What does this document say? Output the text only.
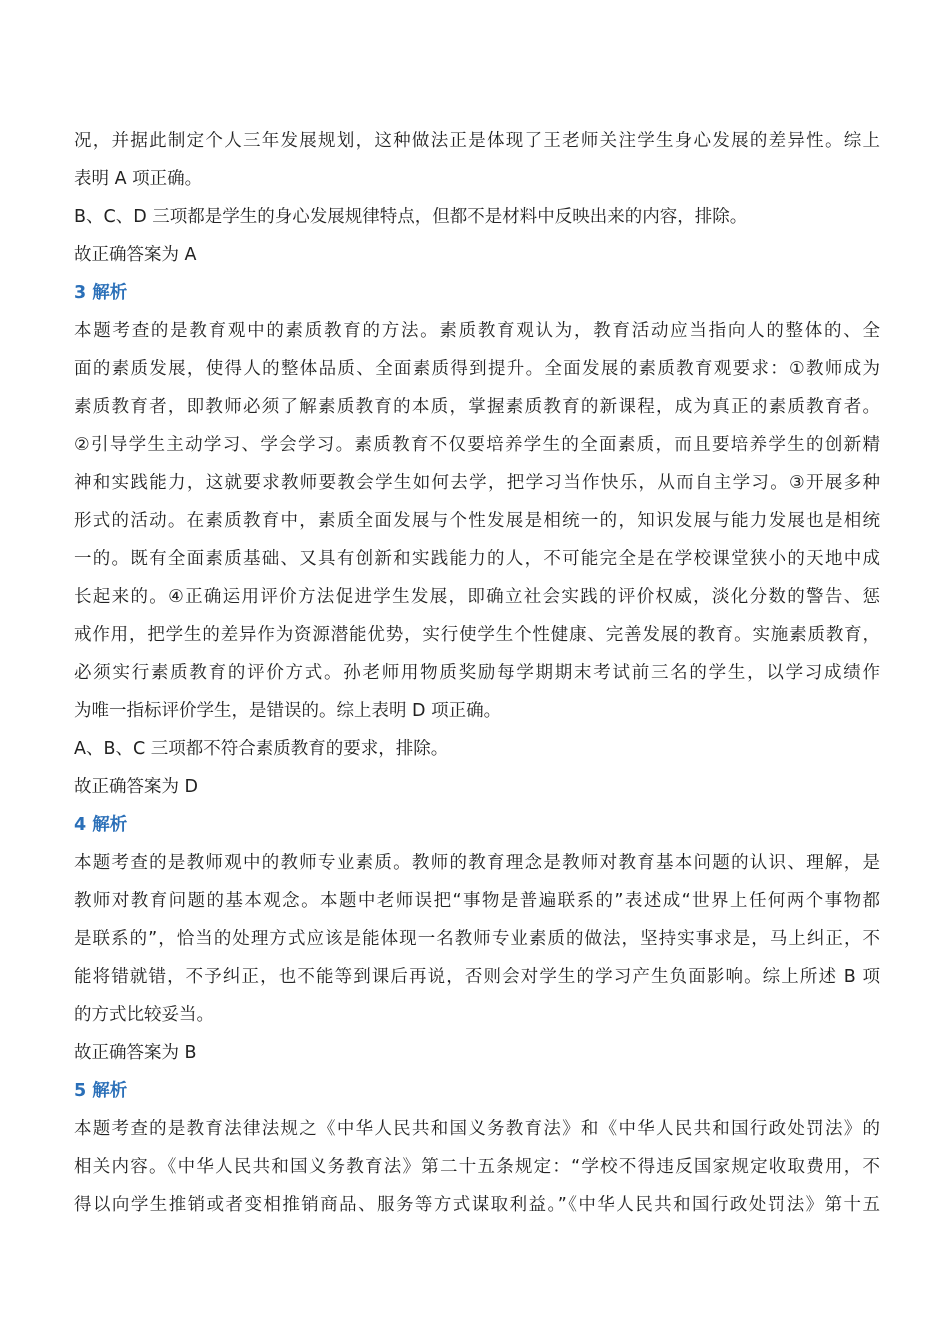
况，并据此制定个人三年发展规划，这种做法正是体现了王老师关注学生身心发展的差异性。综上
表明 A 项正确。
B、C、D 三项都是学生的身心发展规律特点，但都不是材料中反映出来的内容，排除。
故正确答案为 A
3 解析
本题考查的是教育观中的素质教育的方法。素质教育观认为，教育活动应当指向人的整体的、全
面的素质发展，使得人的整体品质、全面素质得到提升。全面发展的素质教育观要求：①教师成为
素质教育者，即教师必须了解素质教育的本质，掌握素质教育的新课程，成为真正的素质教育者。
②引导学生主动学习、学会学习。素质教育不仅要培养学生的全面素质，而且要培养学生的创新精
神和实践能力，这就要求教师要教会学生如何去学，把学习当作快乐，从而自主学习。③开展多种
形式的活动。在素质教育中，素质全面发展与个性发展是相统一的，知识发展与能力发展也是相统
一的。既有全面素质基础、又具有创新和实践能力的人，不可能完全是在学校课堂狭小的天地中成
长起来的。④正确运用评价方法促进学生发展，即确立社会实践的评价权威，淡化分数的警告、惩
戒作用，把学生的差异作为资源潜能优势，实行使学生个性健康、完善发展的教育。实施素质教育，
必须实行素质教育的评价方式。孙老师用物质奖励每学期期末考试前三名的学生，以学习成绩作
为唯一指标评价学生，是错误的。综上表明 D 项正确。
A、B、C 三项都不符合素质教育的要求，排除。
故正确答案为 D
4 解析
本题考查的是教师观中的教师专业素质。教师的教育理念是教师对教育基本问题的认识、理解，是
教师对教育问题的基本观念。本题中老师误把“事物是普遍联系的”表述成“世界上任何两个事物都
是联系的”，恰当的处理方式应该是能体现一名教师专业素质的做法，坚持实事求是，马上纠正，不
能将错就错，不予纠正，也不能等到课后再说，否则会对学生的学习产生负面影响。综上所述 B 项
的方式比较妥当。
故正确答案为 B
5 解析
本题考查的是教育法律法规之《中华人民共和国义务教育法》和《中华人民共和国行政处罚法》的
相关内容。《中华人民共和国义务教育法》第二十五条规定：“学校不得违反国家规定收取费用，不
得以向学生推销或者变相推销商品、服务等方式谋取利益。”《中华人民共和国行政处罚法》第十五
